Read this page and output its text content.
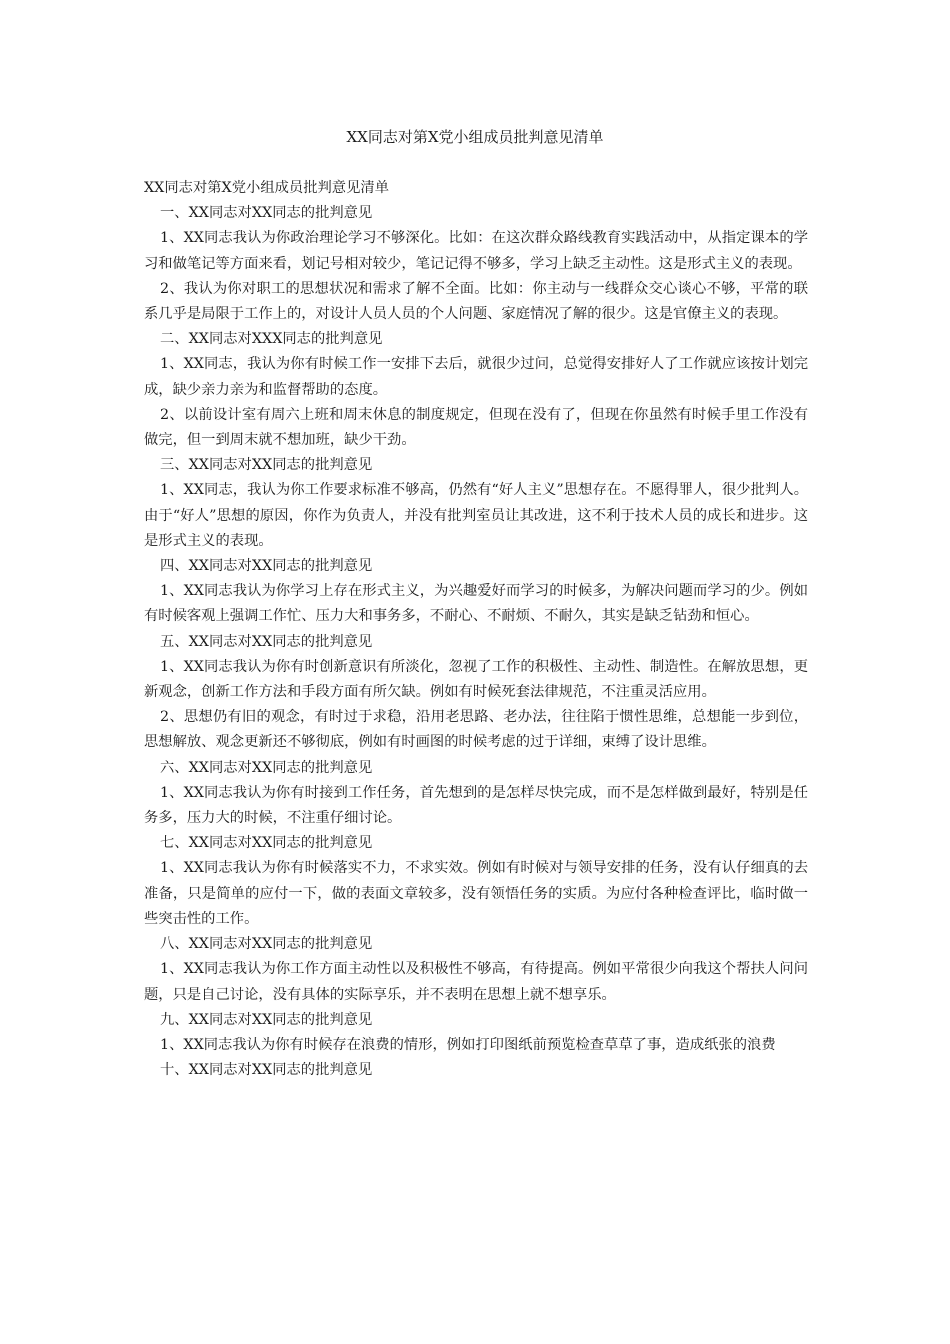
XX同志对第X党小组成员批判意见清单

XX同志对第X党小组成员批判意见清单

一、XX同志对XX同志的批判意见

1、XX同志我认为你政治理论学习不够深化。比如：在这次群众路线教育实践活动中，从指定课本的学习和做笔记等方面来看，划记号相对较少，笔记记得不够多，学习上缺乏主动性。这是形式主义的表现。

2、我认为你对职工的思想状况和需求了解不全面。比如：你主动与一线群众交心谈心不够，平常的联系几乎是局限于工作上的，对设计人员人员的个人问题、家庭情况了解的很少。这是官僚主义的表现。

二、XX同志对XXX同志的批判意见

1、XX同志，我认为你有时候工作一安排下去后，就很少过问，总觉得安排好人了工作就应该按计划完成，缺少亲力亲为和监督帮助的态度。

2、以前设计室有周六上班和周末休息的制度规定，但现在没有了，但现在你虽然有时候手里工作没有做完，但一到周末就不想加班，缺少干劲。

三、XX同志对XX同志的批判意见

1、XX同志，我认为你工作要求标准不够高，仍然有“好人主义”思想存在。不愿得罪人，很少批判人。由于“好人”思想的原因，你作为负责人，并没有批判室员让其改进，这不利于技术人员的成长和进步。这是形式主义的表现。

四、XX同志对XX同志的批判意见

1、XX同志我认为你学习上存在形式主义，为兴趣爱好而学习的时候多，为解决问题而学习的少。例如有时候客观上强调工作忙、压力大和事务多，不耐心、不耐烦、不耐久，其实是缺乏钻劲和恒心。

五、XX同志对XX同志的批判意见

1、XX同志我认为你有时创新意识有所淡化，忽视了工作的积极性、主动性、制造性。在解放思想，更新观念，创新工作方法和手段方面有所欠缺。例如有时候死套法律规范，不注重灵活应用。

2、思想仍有旧的观念，有时过于求稳，沿用老思路、老办法，往往陷于惯性思维，总想能一步到位，思想解放、观念更新还不够彻底，例如有时画图的时候考虑的过于详细，束缚了设计思维。

六、XX同志对XX同志的批判意见

1、XX同志我认为你有时接到工作任务，首先想到的是怎样尽快完成，而不是怎样做到最好，特别是任务多，压力大的时候，不注重仔细讨论。

七、XX同志对XX同志的批判意见

1、XX同志我认为你有时候落实不力，不求实效。例如有时候对与领导安排的任务，没有认仔细真的去准备，只是简单的应付一下，做的表面文章较多，没有领悟任务的实质。为应付各种检查评比，临时做一些突击性的工作。

八、XX同志对XX同志的批判意见

1、XX同志我认为你工作方面主动性以及积极性不够高，有待提高。例如平常很少向我这个帮扶人问问题，只是自己讨论，没有具体的实际享乐，并不表明在思想上就不想享乐。

九、XX同志对XX同志的批判意见

1、XX同志我认为你有时候存在浪费的情形，例如打印图纸前预览检查草草了事，造成纸张的浪费

十、XX同志对XX同志的批判意见
